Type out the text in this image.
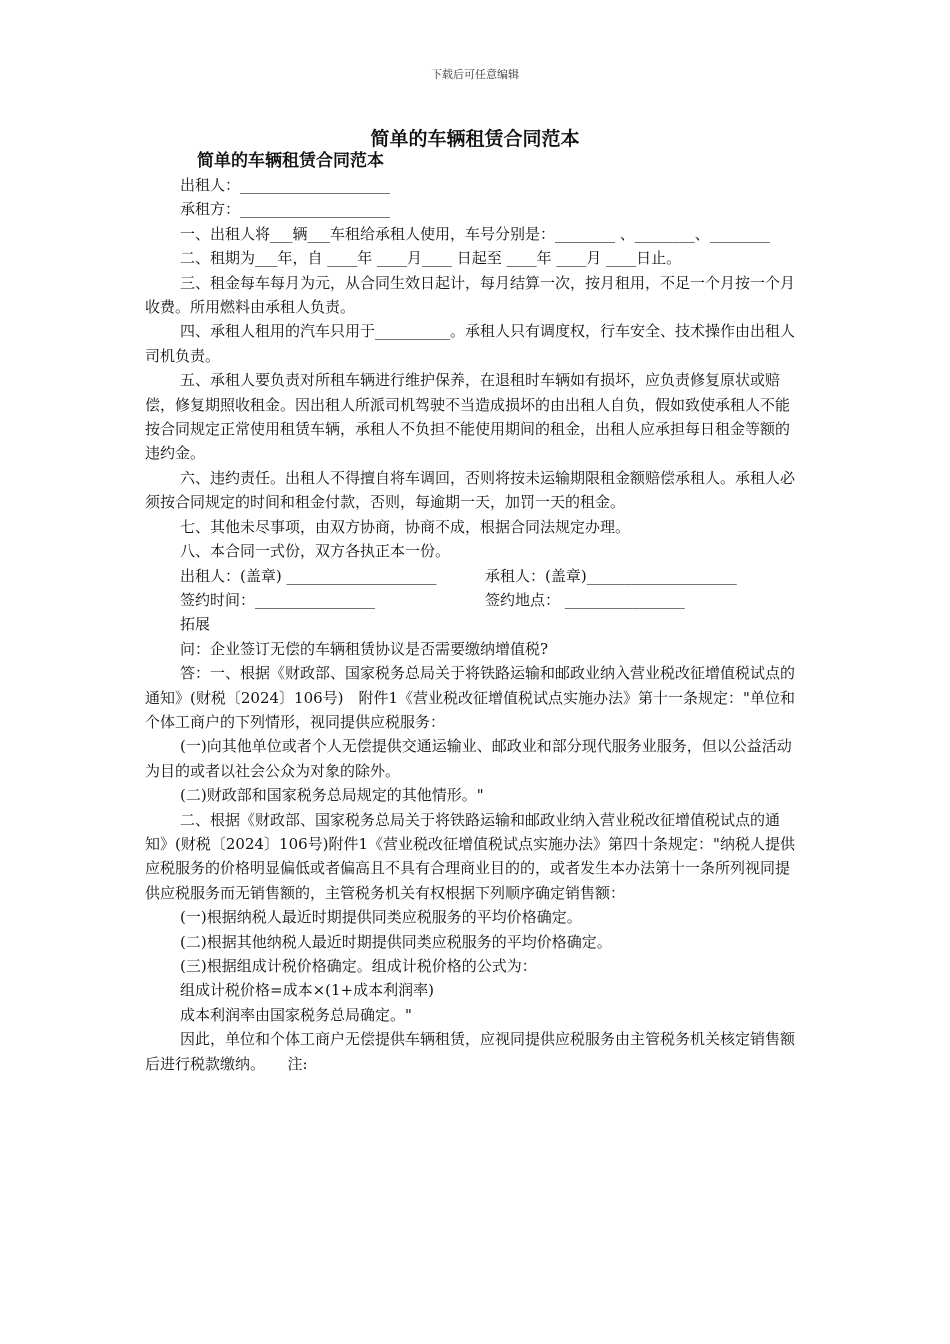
下载后可任意编辑
简单的车辆租赁合同范本

简单的车辆租赁合同范本

出租人：____________________

承租方：____________________

一、出租人将___辆___车租给承租人使用，车号分别是：________ 、________、________

二、租期为___年，自 ____年 ____月____ 日起至 ____年 ____月 ____日止。

三、租金每车每月为元，从合同生效日起计，每月结算一次，按月租用，不足一个月按一个月收费。所用燃料由承租人负责。

四、承租人租用的汽车只用于__________。承租人只有调度权，行车安全、技术操作由出租人司机负责。

五、承租人要负责对所租车辆进行维护保养，在退租时车辆如有损坏，应负责修复原状或赔偿，修复期照收租金。因出租人所派司机驾驶不当造成损坏的由出租人自负，假如致使承租人不能按合同规定正常使用租赁车辆，承租人不负担不能使用期间的租金，出租人应承担每日租金等额的违约金。

六、违约责任。出租人不得擅自将车调回，否则将按未运输期限租金额赔偿承租人。承租人必须按合同规定的时间和租金付款，否则，每逾期一天，加罚一天的租金。

七、其他未尽事项，由双方协商，协商不成，根据合同法规定办理。

八、本合同一式份，双方各执正本一份。

出租人：(盖章) ____________________	承租人：(盖章)____________________
签约时间：________________	签约地点： ________________

拓展

问：企业签订无偿的车辆租赁协议是否需要缴纳增值税?

答：一、根据《财政部、国家税务总局关于将铁路运输和邮政业纳入营业税改征增值税试点的通知》(财税〔2024〕106号)　附件1《营业税改征增值税试点实施办法》第十一条规定："单位和个体工商户的下列情形，视同提供应税服务：

(一)向其他单位或者个人无偿提供交通运输业、邮政业和部分现代服务业服务，但以公益活动为目的或者以社会公众为对象的除外。

(二)财政部和国家税务总局规定的其他情形。"

二、根据《财政部、国家税务总局关于将铁路运输和邮政业纳入营业税改征增值税试点的通知》(财税〔2024〕106号)附件1《营业税改征增值税试点实施办法》第四十条规定："纳税人提供应税服务的价格明显偏低或者偏高且不具有合理商业目的的，或者发生本办法第十一条所列视同提供应税服务而无销售额的，主管税务机关有权根据下列顺序确定销售额：

(一)根据纳税人最近时期提供同类应税服务的平均价格确定。

(二)根据其他纳税人最近时期提供同类应税服务的平均价格确定。

(三)根据组成计税价格确定。组成计税价格的公式为：

组成计税价格=成本×(1+成本利润率)

成本利润率由国家税务总局确定。"

因此，单位和个体工商户无偿提供车辆租赁，应视同提供应税服务由主管税务机关核定销售额后进行税款缴纳。　　注:
